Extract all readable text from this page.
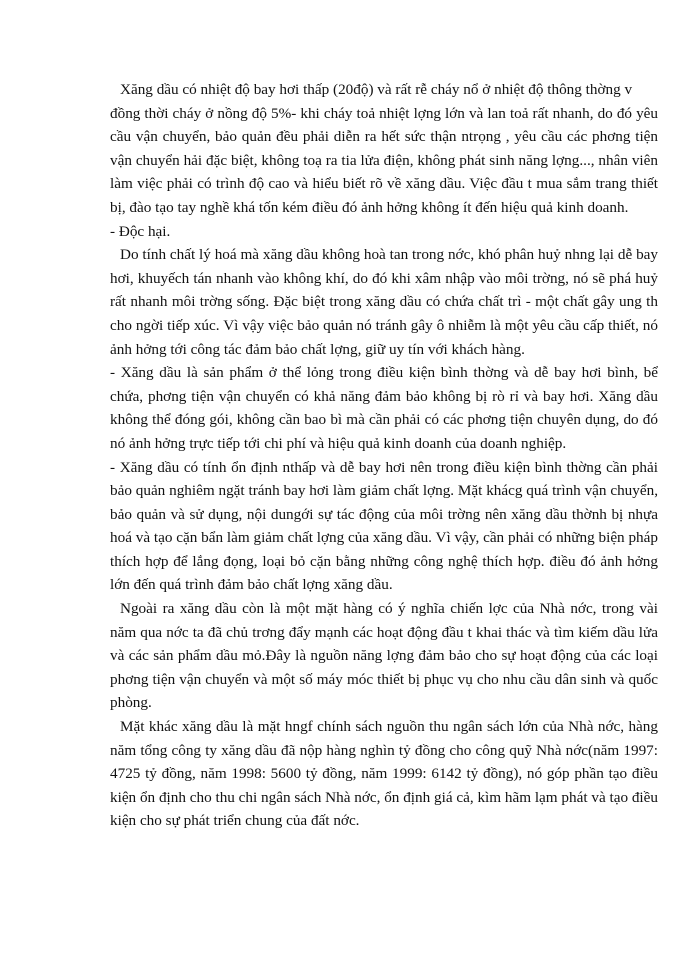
Xăng dầu có nhiệt độ bay hơi thấp (20độ) và rất rễ cháy nổ ở nhiệt độ thông thờng v

đồng thời cháy ở nồng độ 5%- khi cháy toả nhiệt lợng lớn và lan toả rất nhanh, do đó yêu cầu vận chuyển, bảo quản đều phải diễn ra hết sức thận ntrọng , yêu cầu các phơng tiện vận chuyển hải đặc biệt, không toạ ra tia lửa điện, không phát sinh năng lợng..., nhân viên làm việc phải có trình độ cao và hiểu biết rõ về xăng dầu. Việc đầu t mua sắm trang thiết bị, đào tạo tay nghề khá tốn kém điều đó ảnh hởng không ít đến hiệu quả kinh doanh.

- Độc hại.

Do tính chất lý hoá mà xăng dầu không hoà tan trong nớc, khó phân huỷ nhng lại dễ bay hơi, khuyếch tán nhanh vào không khí, do đó khi xâm nhập vào môi trờng, nó sẽ phá huỷ rất nhanh môi trờng sống. Đặc biệt trong xăng dầu có chứa chất trì - một chất gây ung th cho ngời tiếp xúc. Vì vậy việc bảo quản nó tránh gây ô nhiễm là một yêu cầu cấp thiết, nó ảnh hởng tới công tác đảm bảo chất lợng, giữ uy tín với khách hàng.

- Xăng dầu là sản phẩm ở thể lỏng trong điều kiện bình thờng và dễ bay hơi bình, bể chứa, phơng tiện vận chuyển có khả năng đảm bảo không bị rò rỉ và bay hơi. Xăng dầu không thể đóng gói, không cần bao bì mà cần phải có các phơng tiện chuyên dụng, do đó nó ảnh hởng trực tiếp tới chi phí và hiệu quả kinh doanh của doanh nghiệp.

- Xăng dầu có tính ổn định nthấp và dễ bay hơi nên trong điều kiện bình thờng cần phải bảo quản nghiêm ngặt tránh bay hơi làm giảm chất lợng. Mặt khácg quá trình vận chuyển, bảo quản và sử dụng, nội dungới sự tác động của môi trờng nên xăng dầu thờnh bị nhựa hoá và tạo cặn bẩn làm giảm chất lợng của xăng dầu. Vì vậy, cần phải có những biện pháp thích hợp để lắng đọng, loại bỏ cặn bằng những công nghệ thích hợp. điều đó ảnh hởng lớn đến quá trình đảm bảo chất lợng xăng dầu.

Ngoài ra xăng dầu còn là một mặt hàng có ý nghĩa chiến lợc của Nhà nớc, trong vài năm qua nớc ta đã chủ trơng đẩy mạnh các hoạt động đầu t khai thác và tìm kiếm dầu lửa và các sản phẩm dầu mỏ.Đây là nguồn năng lợng đảm bảo cho sự hoạt động của các loại phơng tiện vận chuyển và một số máy móc thiết bị phục vụ cho nhu cầu dân sinh và quốc phòng.

Mặt khác xăng dầu là mặt hngf chính sách nguồn thu ngân sách lớn của Nhà nớc, hàng năm tổng công ty xăng dầu đã nộp hàng nghìn tỷ đồng cho công quỹ Nhà nớc(năm 1997: 4725 tỷ đồng, năm 1998: 5600 tỷ đồng, năm 1999: 6142 tỷ đồng), nó góp phần tạo điều kiện ổn định cho thu chi ngân sách Nhà nớc, ổn định giá cả, kìm hãm lạm phát và tạo điều kiện cho sự phát triển chung của đất nớc.
